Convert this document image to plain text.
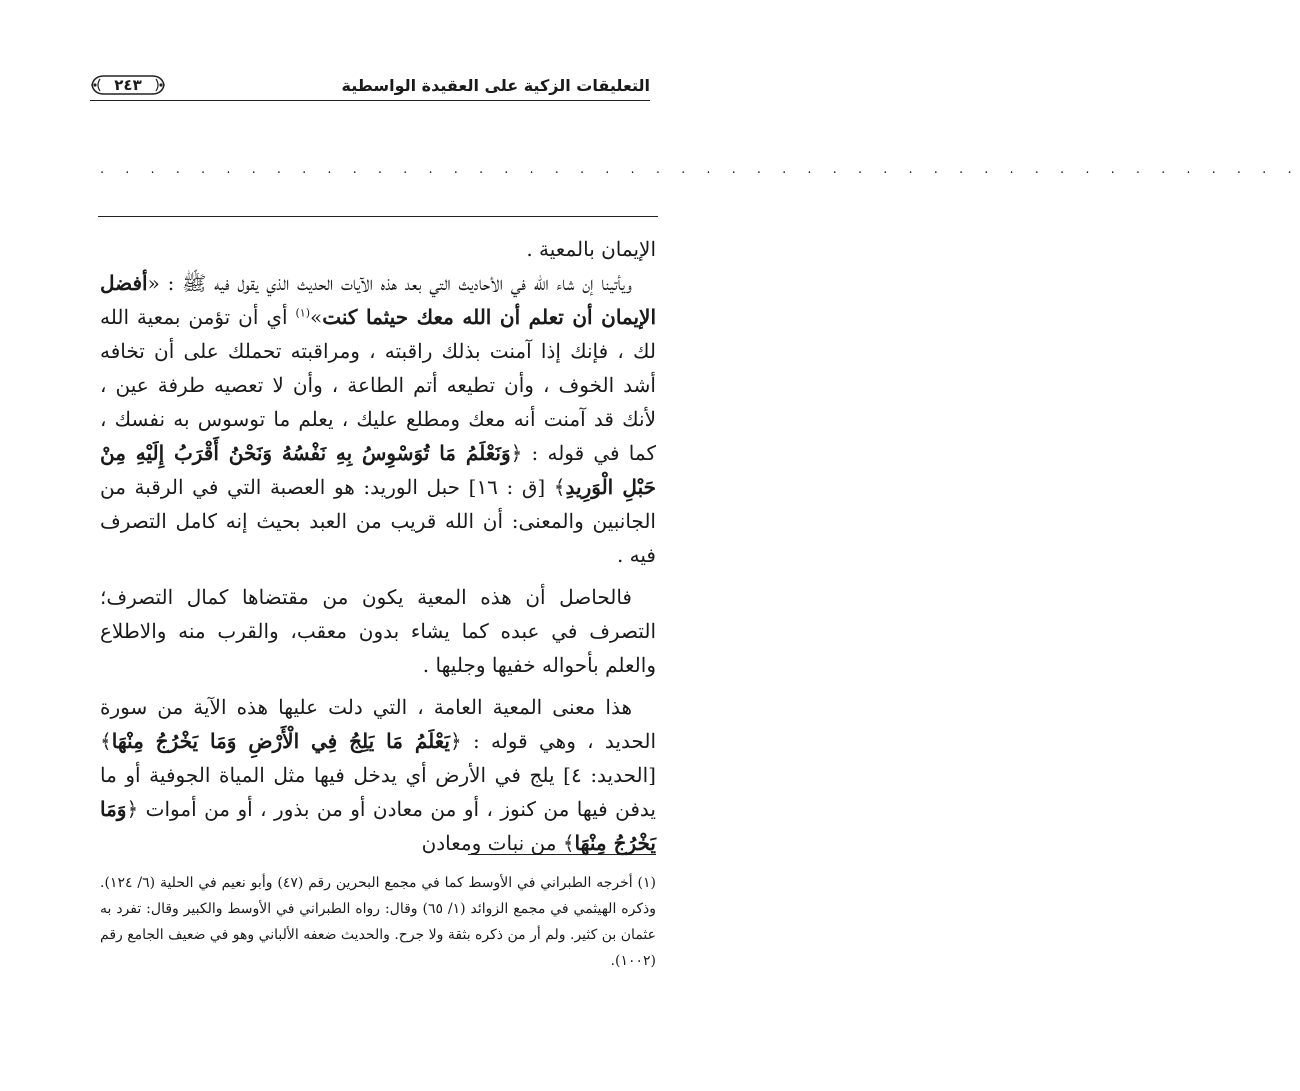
التعليقات الزكية على العقيدة الواسطية
٢٤٣
. . . . . . . . . . . . . . . . . . . . . . . . . . . . . . . . . . . . . . . . . . . . . . . .

الإيمان بالمعية .

ويأتينا إن شاء الله في الأحاديث التي بعد هذه الآيات الحديث الذي يقول فيه ﷺ : «أفضل الإيمان أن تعلم أن الله معك حيثما كنت»$^{(١)}$ أي أن تؤمن بمعية الله لك ، فإنك إذا آمنت بذلك راقبته ، ومراقبته تحملك على أن تخافه أشد الخوف ، وأن تطيعه أتم الطاعة ، وأن لا تعصيه طرفة عين ، لأنك قد آمنت أنه معك ومطلع عليك ، يعلم ما توسوس به نفسك ، كما في قوله : ﴿وَنَعْلَمُ مَا تُوَسْوِسُ بِهِ نَفْسُهُ وَنَحْنُ أَقْرَبُ إِلَيْهِ مِنْ حَبْلِ الْوَرِيدِ﴾ [ق : ١٦] حبل الوريد: هو العصبة التي في الرقبة من الجانبين والمعنى: أن الله قريب من العبد بحيث إنه كامل التصرف فيه .

فالحاصل أن هذه المعية يكون من مقتضاها كمال التصرف؛ التصرف في عبده كما يشاء بدون معقب، والقرب منه والاطلاع والعلم بأحواله خفيها وجليها .

هذا معنى المعية العامة ، التي دلت عليها هذه الآية من سورة الحديد ، وهي قوله : ﴿يَعْلَمُ مَا يَلِجُ فِي الْأَرْضِ وَمَا يَخْرُجُ مِنْهَا﴾ [الحديد: ٤] يلج في الأرض أي يدخل فيها مثل المياة الجوفية أو ما يدفن فيها من كنوز ، أو من معادن أو من بذور ، أو من أموات ﴿وَمَا يَخْرُجُ مِنْهَا﴾ من نبات ومعادن

(١) أخرجه الطبراني في الأوسط كما في مجمع البحرين رقم (٤٧) وأبو نعيم في الحلية (٦/ ١٢٤). وذكره الهيثمي في مجمع الزوائد (١/ ٦٥) وقال: رواه الطبراني في الأوسط والكبير وقال: تفرد به عثمان بن كثير. ولم أر من ذكره بثقة ولا جرح. والحديث ضعفه الألباني وهو في ضعيف الجامع رقم (١٠٠٢).
